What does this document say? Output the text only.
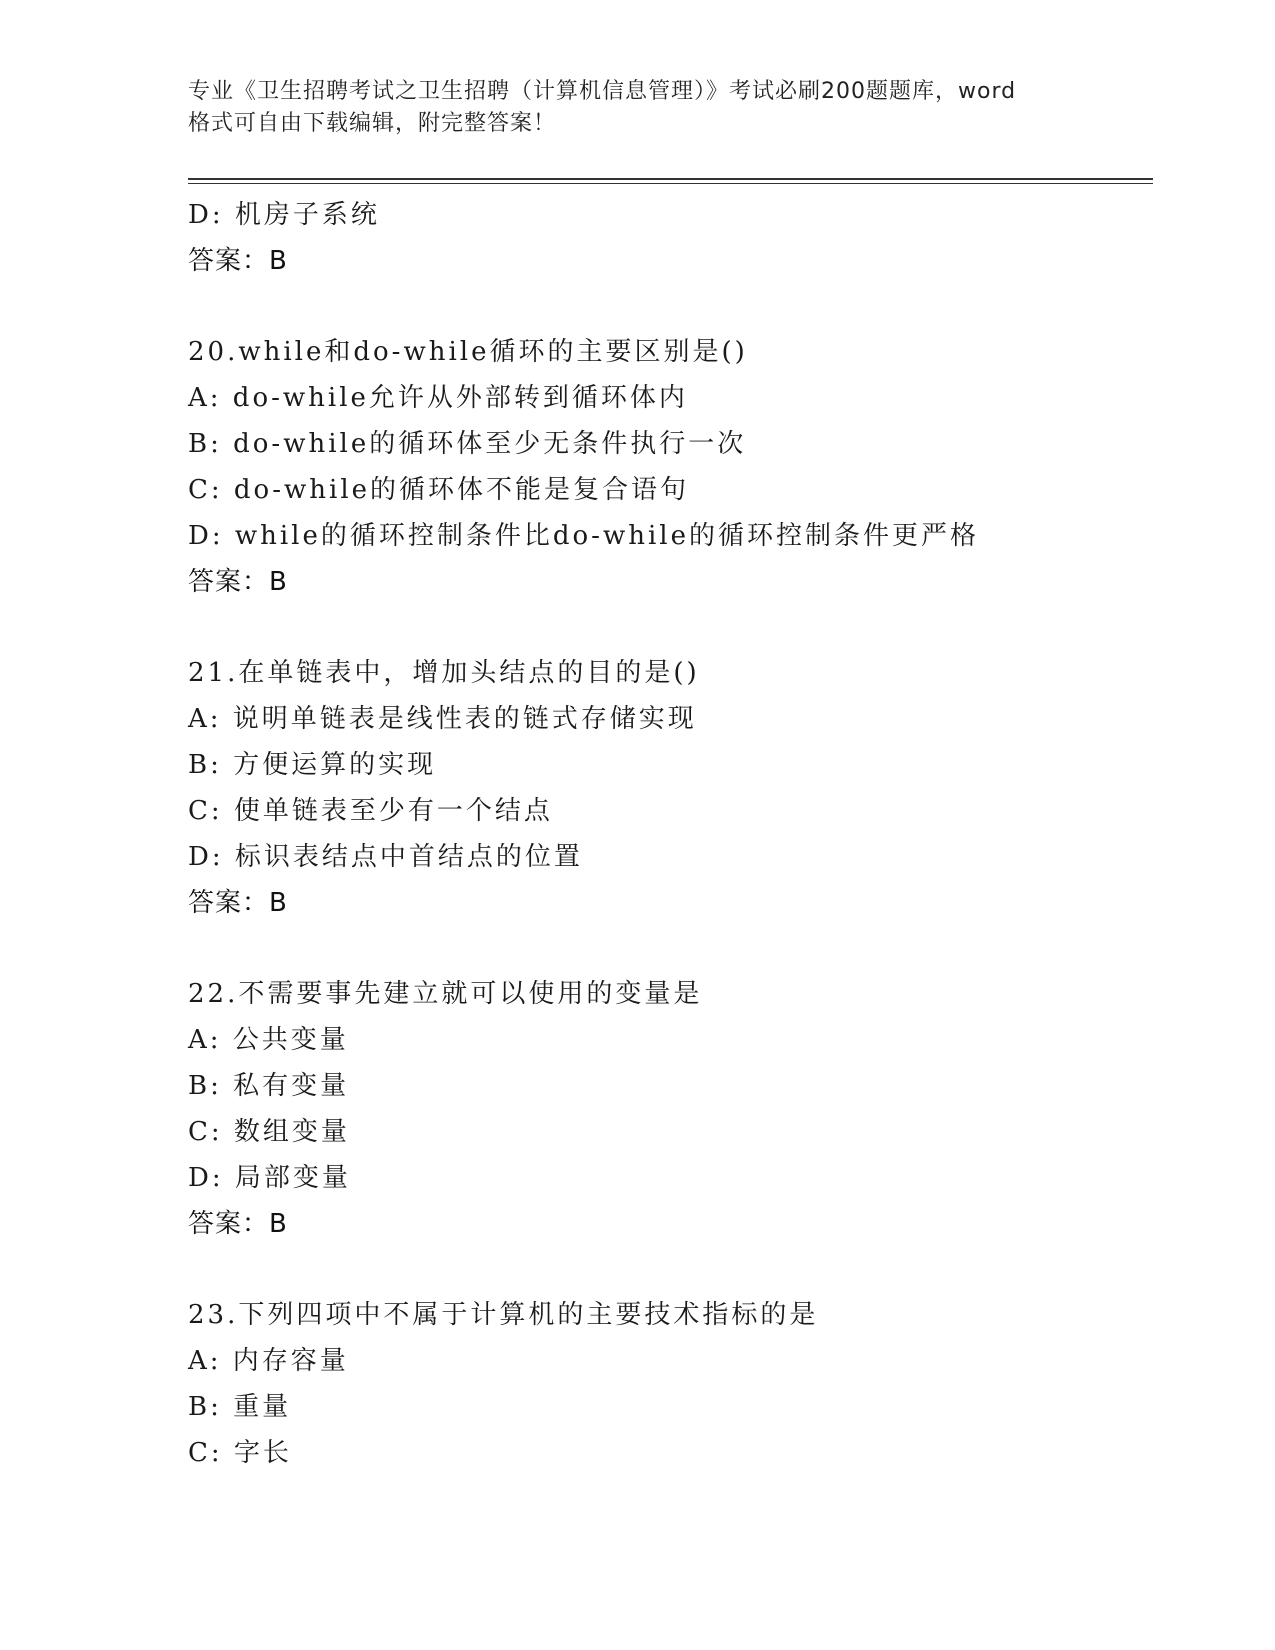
专业《卫生招聘考试之卫生招聘（计算机信息管理）》考试必刷200题题库，word
格式可自由下载编辑，附完整答案！
D: 机房子系统
答案：B
20.while和do-while循环的主要区别是()
A: do-while允许从外部转到循环体内
B: do-while的循环体至少无条件执行一次
C: do-while的循环体不能是复合语句
D: while的循环控制条件比do-while的循环控制条件更严格
答案：B
21.在单链表中，增加头结点的目的是()
A: 说明单链表是线性表的链式存储实现
B: 方便运算的实现
C: 使单链表至少有一个结点
D: 标识表结点中首结点的位置
答案：B
22.不需要事先建立就可以使用的变量是
A: 公共变量
B: 私有变量
C: 数组变量
D: 局部变量
答案：B
23.下列四项中不属于计算机的主要技术指标的是
A: 内存容量
B: 重量
C: 字长
